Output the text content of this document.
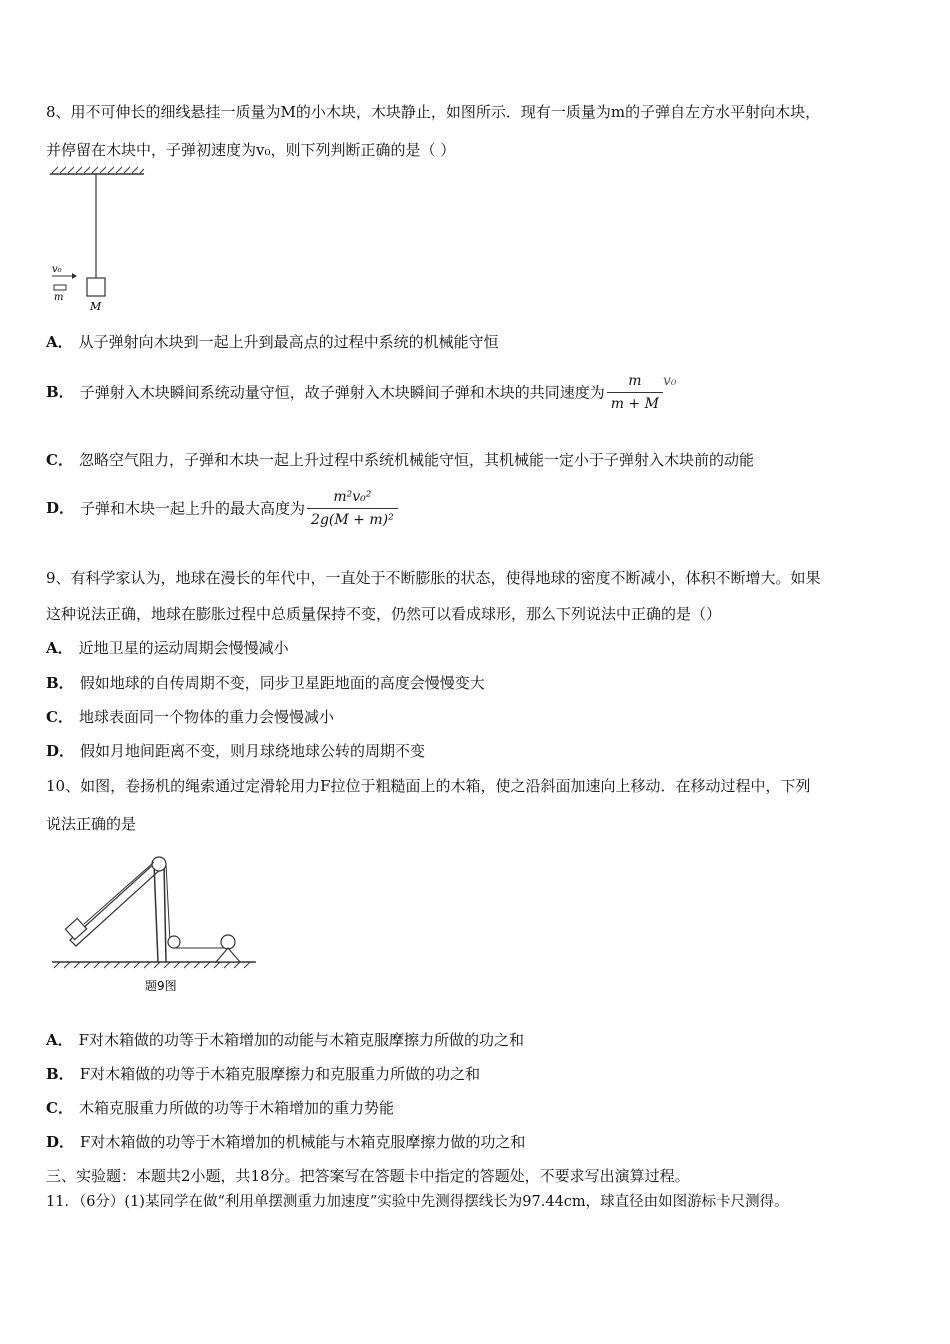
8、用不可伸长的细线悬挂一质量为M的小木块，木块静止，如图所示．现有一质量为m的子弹自左方水平射向木块，
并停留在木块中，子弹初速度为v₀，则下列判断正确的是（ ）
M
v₀
m
A． 从子弹射向木块到一起上升到最高点的过程中系统的机械能守恒
B． 子弹射入木块瞬间系统动量守恒，故子弹射入木块瞬间子弹和木块的共同速度为 $\frac{m}{m + M} v_0$
C． 忽略空气阻力，子弹和木块一起上升过程中系统机械能守恒，其机械能一定小于子弹射入木块前的动能
D． 子弹和木块一起上升的最大高度为 $\frac{\text{m²v₀²}}{\text{2g(M + m)²}}$
9、有科学家认为，地球在漫长的年代中，一直处于不断膨胀的状态，使得地球的密度不断减小，体积不断增大。如果
这种说法正确，地球在膨胀过程中总质量保持不变，仍然可以看成球形，那么下列说法中正确的是（）
A． 近地卫星的运动周期会慢慢减小
B． 假如地球的自传周期不变，同步卫星距地面的高度会慢慢变大
C． 地球表面同一个物体的重力会慢慢减小
D． 假如月地间距离不变，则月球绕地球公转的周期不变
10、如图，卷扬机的绳索通过定滑轮用力F拉位于粗糙面上的木箱，使之沿斜面加速向上移动．在移动过程中，下列
说法正确的是
题9图
A． F对木箱做的功等于木箱增加的动能与木箱克服摩擦力所做的功之和
B． F对木箱做的功等于木箱克服摩擦力和克服重力所做的功之和
C． 木箱克服重力所做的功等于木箱增加的重力势能
D． F对木箱做的功等于木箱增加的机械能与木箱克服摩擦力做的功之和
三、实验题：本题共2小题，共18分。把答案写在答题卡中指定的答题处，不要求写出演算过程。
11．（6分）(1)某同学在做“利用单摆测重力加速度”实验中先测得摆线长为97.44cm，球直径由如图游标卡尺测得。
